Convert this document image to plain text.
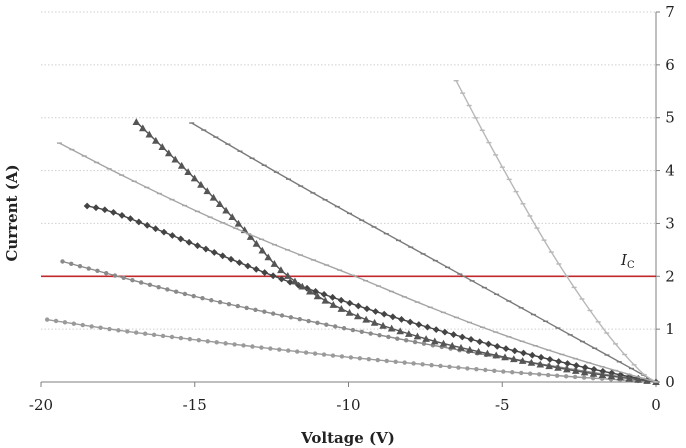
0
1
2
3
4
5
6
7
-20	-15	-10	-5	0
Voltage (V)
Current (A)	$I_C$
